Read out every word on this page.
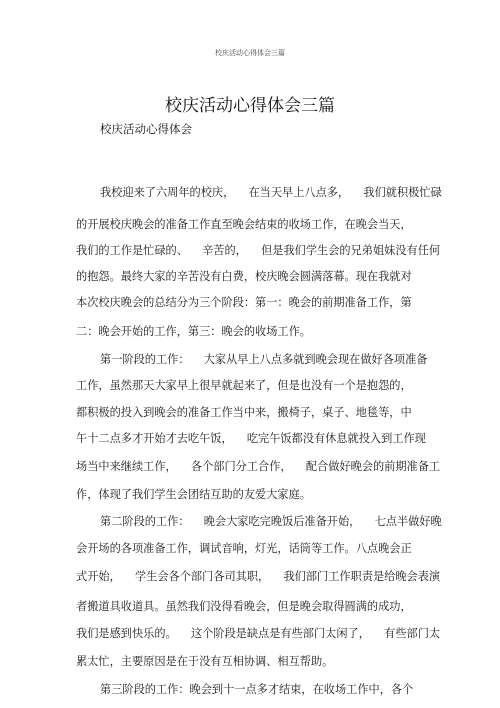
校庆活动心得体会三篇
校庆活动心得体会三篇
校庆活动心得体会
我校迎来了六周年的校庆，    在当天早上八点多，    我们就积极忙碌
的开展校庆晚会的准备工作直至晚会结束的收场工作，在晚会当天，
我们的工作是忙碌的、    辛苦的，    但是我们学生会的兄弟姐妹没有任何
的抱怨。最终大家的辛苦没有白费，校庆晚会圆满落幕。现在我就对
本次校庆晚会的总结分为三个阶段：第一：晚会的前期准备工作，第
二：晚会开始的工作，第三：晚会的收场工作。
第一阶段的工作：    大家从早上八点多就到晚会现在做好各项准备
工作，虽然那天大家早上很早就起来了，但是也没有一个是抱怨的，
都积极的投入到晚会的准备工作当中来，搬椅子，桌子、地毯等，中
午十二点多才开始才去吃午饭，    吃完午饭都没有休息就投入到工作现
场当中来继续工作，    各个部门分工合作，    配合做好晚会的前期准备工
作，体现了我们学生会团结互助的友爱大家庭。
第二阶段的工作：    晚会大家吃完晚饭后准备开始，    七点半做好晚
会开场的各项准备工作，调试音响，灯光，话筒等工作。八点晚会正
式开始，    学生会各个部门各司其职，    我们部门工作职责是给晚会表演
者搬道具收道具。虽然我们没得看晚会，但是晚会取得圆满的成功，
我们是感到快乐的。    这个阶段是缺点是有些部门太闲了，    有些部门太
累太忙，主要原因是在于没有互相协调、相互帮助。
第三阶段的工作：晚会到十一点多才结束，在收场工作中，各个
